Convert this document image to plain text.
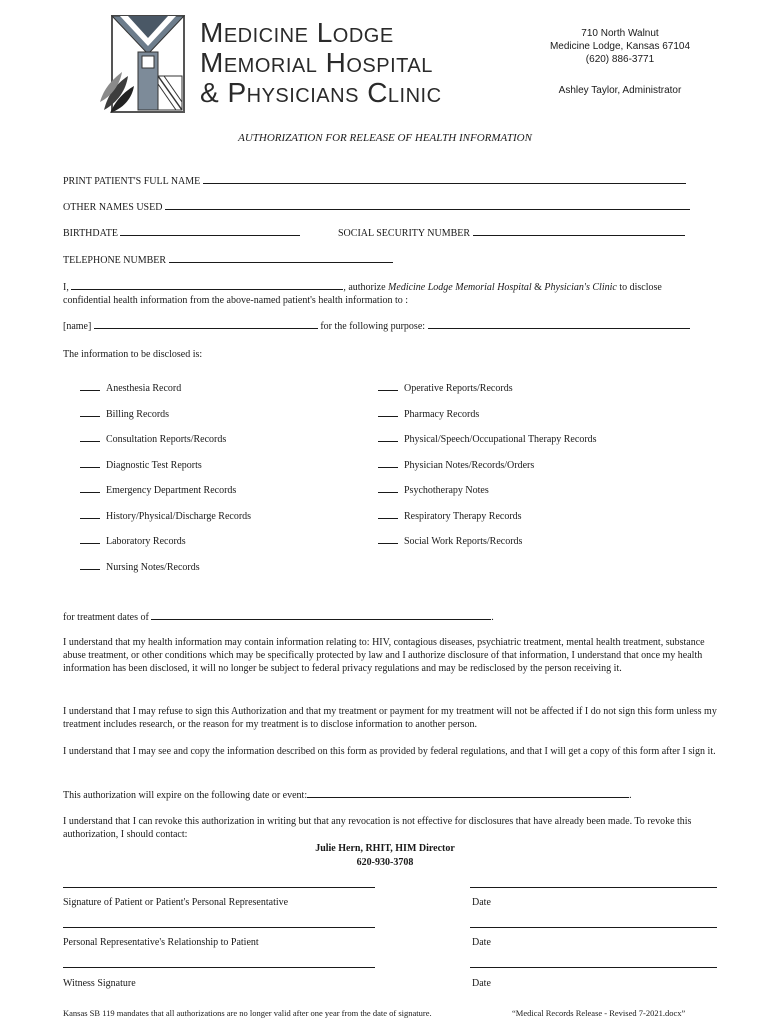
Medicine Lodge
Memorial Hospital
& Physicians Clinic
710 North Walnut
Medicine Lodge, Kansas 67104
(620) 886-3771
Ashley Taylor, Administrator
AUTHORIZATION FOR RELEASE OF HEALTH INFORMATION
PRINT PATIENT'S FULL NAME
OTHER NAMES USED
BIRTHDATE	SOCIAL SECURITY NUMBER
TELEPHONE NUMBER
I,	, authorize Medicine Lodge Memorial Hospital & Physician's Clinic to disclose
confidential health information from the above-named patient's health information to :
[name]	for the following purpose:
The information to be disclosed is:
Anesthesia Record
Billing Records
Consultation Reports/Records
Diagnostic Test Reports
Emergency Department Records
History/Physical/Discharge Records
Laboratory Records
Nursing Notes/Records
Operative Reports/Records
Pharmacy Records
Physical/Speech/Occupational Therapy Records
Physician Notes/Records/Orders
Psychotherapy Notes
Respiratory Therapy Records
Social Work Reports/Records
for treatment dates of	.

I understand that my health information may contain information relating to: HIV, contagious diseases, psychiatric treatment, mental health treatment, substance abuse treatment, or other conditions which may be specifically protected by law and I authorize disclosure of that information, I understand that once my health information has been disclosed, it will no longer be subject to federal privacy regulations and may be redisclosed by the person receiving it.

I understand that I may refuse to sign this Authorization and that my treatment or payment for my treatment will not be affected if I do not sign this form unless my treatment includes research, or the reason for my treatment is to disclose information to another person.

I understand that I may see and copy the information described on this form as provided by federal regulations, and that I will get a copy of this form after I sign it.

This authorization will expire on the following date or event:	.

I understand that I can revoke this authorization in writing but that any revocation is not effective for disclosures that have already been made. To revoke this authorization, I should contact:

Julie Hern, RHIT, HIM Director
620-930-3708
Signature of Patient or Patient's Personal Representative	Date
Personal Representative's Relationship to Patient	Date
Witness Signature	Date
Kansas SB 119 mandates that all authorizations are no longer valid after one year from the date of signature.	“Medical Records Release - Revised 7-2021.docx”
